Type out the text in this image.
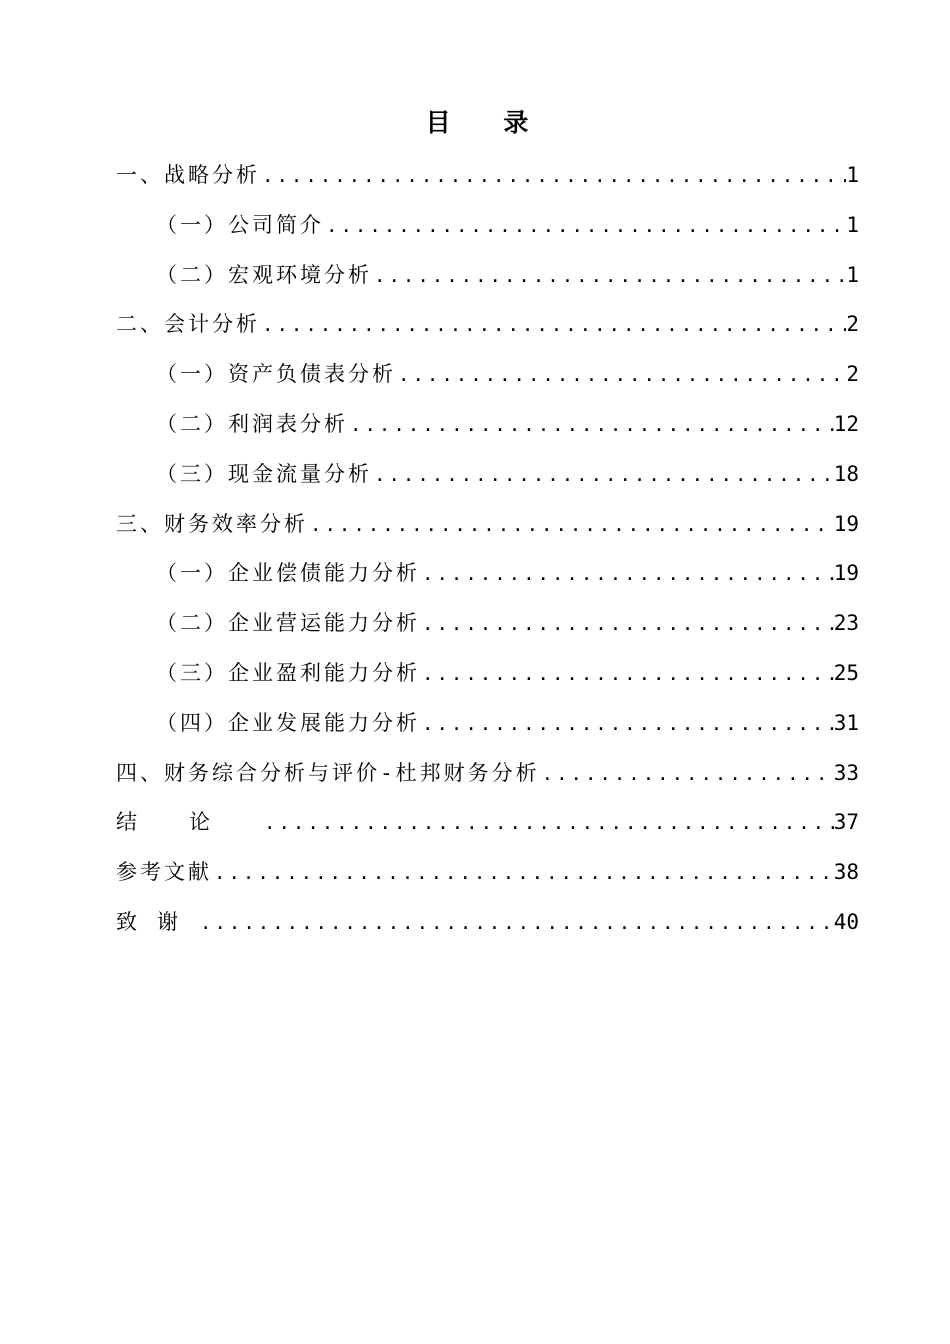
目 录
一、战略分析 .....	1
（一）公司简介 .....	1
（二）宏观环境分析 .....	1
二、会计分析 .....	2
（一）资产负债表分析 .....	2
（二）利润表分析 .....	12
（三）现金流量分析 .....	18
三、财务效率分析 .....	19
（一）企业偿债能力分析 .....	19
（二）企业营运能力分析 .....	23
（三）企业盈利能力分析 .....	25
（四）企业发展能力分析 .....	31
四、财务综合分析与评价-杜邦财务分析 .....	33
结论 .....	37
参考文献 .....	38
致谢 .....	40
